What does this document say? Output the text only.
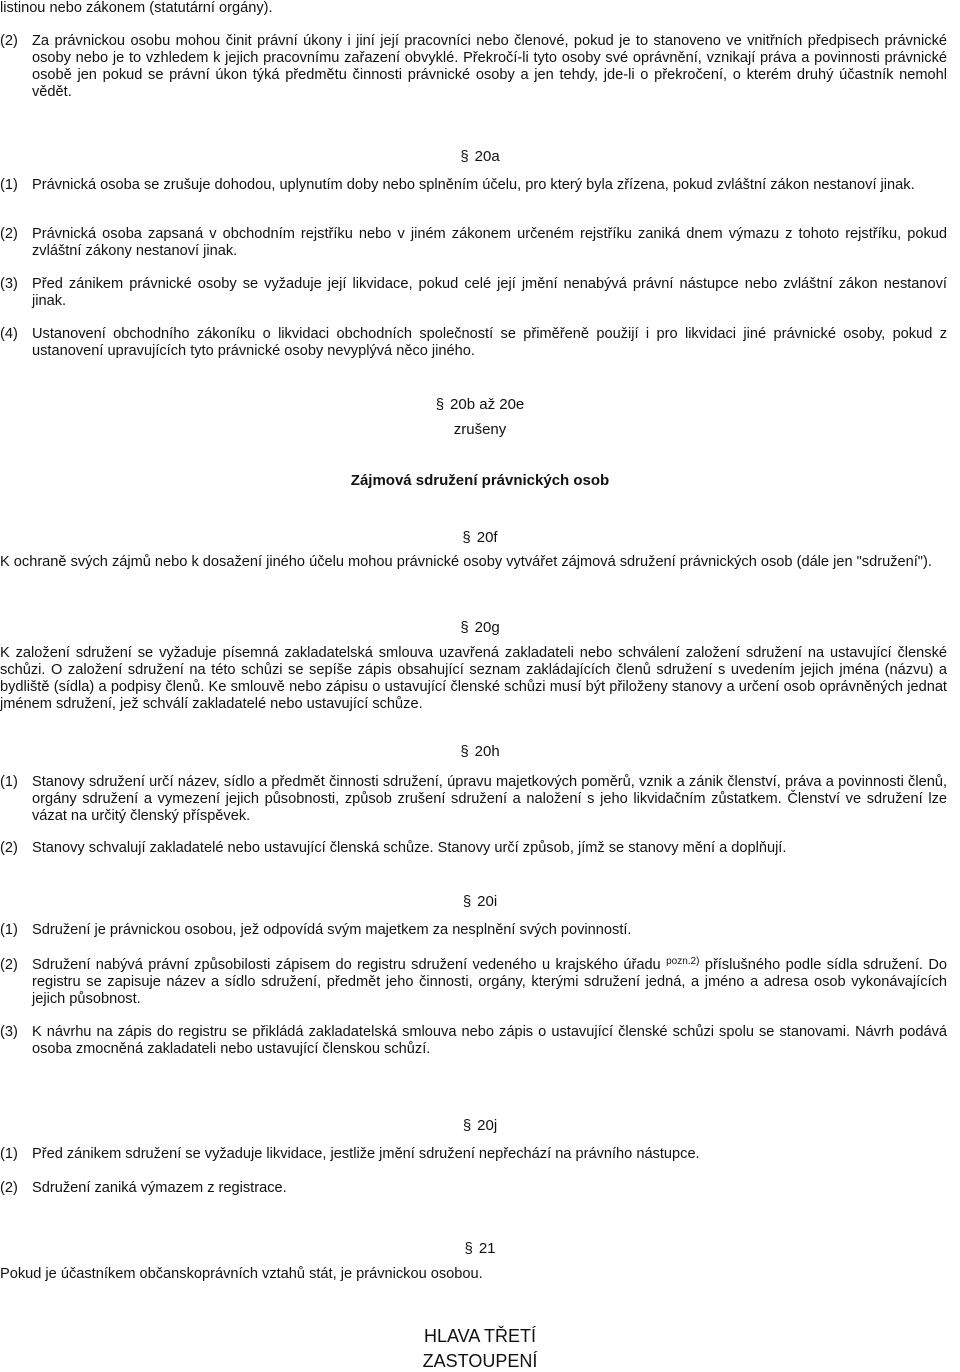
listinou nebo zákonem (statutární orgány).
(2) Za právnickou osobu mohou činit právní úkony i jiní její pracovníci nebo členové, pokud je to stanoveno ve vnitřních předpisech právnické osoby nebo je to vzhledem k jejich pracovnímu zařazení obvyklé. Překročí-li tyto osoby své oprávnění, vznikají práva a povinnosti právnické osobě jen pokud se právní úkon týká předmětu činnosti právnické osoby a jen tehdy, jde-li o překročení, o kterém druhý účastník nemohl vědět.
§ 20a
(1) Právnická osoba se zrušuje dohodou, uplynutím doby nebo splněním účelu, pro který byla zřízena, pokud zvláštní zákon nestanoví jinak.
(2) Právnická osoba zapsaná v obchodním rejstříku nebo v jiném zákonem určeném rejstříku zaniká dnem výmazu z tohoto rejstříku, pokud zvláštní zákony nestanoví jinak.
(3) Před zánikem právnické osoby se vyžaduje její likvidace, pokud celé její jmění nenabývá právní nástupce nebo zvláštní zákon nestanoví jinak.
(4) Ustanovení obchodního zákoníku o likvidaci obchodních společností se přiměřeně použijí i pro likvidaci jiné právnické osoby, pokud z ustanovení upravujících tyto právnické osoby nevyplývá něco jiného.
§ 20b až 20e
zrušeny
Zájmová sdružení právnických osob
§ 20f
K ochraně svých zájmů nebo k dosažení jiného účelu mohou právnické osoby vytvářet zájmová sdružení právnických osob (dále jen "sdružení").
§ 20g
K založení sdružení se vyžaduje písemná zakladatelská smlouva uzavřená zakladateli nebo schválení založení sdružení na ustavující členské schůzi. O založení sdružení na této schůzi se sepíše zápis obsahující seznam zakládajících členů sdružení s uvedením jejich jména (názvu) a bydliště (sídla) a podpisy členů. Ke smlouvě nebo zápisu o ustavující členské schůzi musí být přiloženy stanovy a určení osob oprávněných jednat jménem sdružení, jež schválí zakladatelé nebo ustavující schůze.
§ 20h
(1) Stanovy sdružení určí název, sídlo a předmět činnosti sdružení, úpravu majetkových poměrů, vznik a zánik členství, práva a povinnosti členů, orgány sdružení a vymezení jejich působnosti, způsob zrušení sdružení a naložení s jeho likvidačním zůstatkem. Členství ve sdružení lze vázat na určitý členský příspěvek.
(2) Stanovy schvalují zakladatelé nebo ustavující členská schůze. Stanovy určí způsob, jímž se stanovy mění a doplňují.
§ 20i
(1) Sdružení je právnickou osobou, jež odpovídá svým majetkem za nesplnění svých povinností.
(2) Sdružení nabývá právní způsobilosti zápisem do registru sdružení vedeného u krajského úřadu $^{pozn.2)}$ příslušného podle sídla sdružení. Do registru se zapisuje název a sídlo sdružení, předmět jeho činnosti, orgány, kterými sdružení jedná, a jméno a adresa osob vykonávajících jejich působnost.
(3) K návrhu na zápis do registru se přikládá zakladatelská smlouva nebo zápis o ustavující členské schůzi spolu se stanovami. Návrh podává osoba zmocněná zakladateli nebo ustavující členskou schůzí.
§ 20j
(1) Před zánikem sdružení se vyžaduje likvidace, jestliže jmění sdružení nepřechází na právního nástupce.
(2) Sdružení zaniká výmazem z registrace.
§ 21
Pokud je účastníkem občanskoprávních vztahů stát, je právnickou osobou.
HLAVA TŘETÍ
ZASTOUPENÍ
